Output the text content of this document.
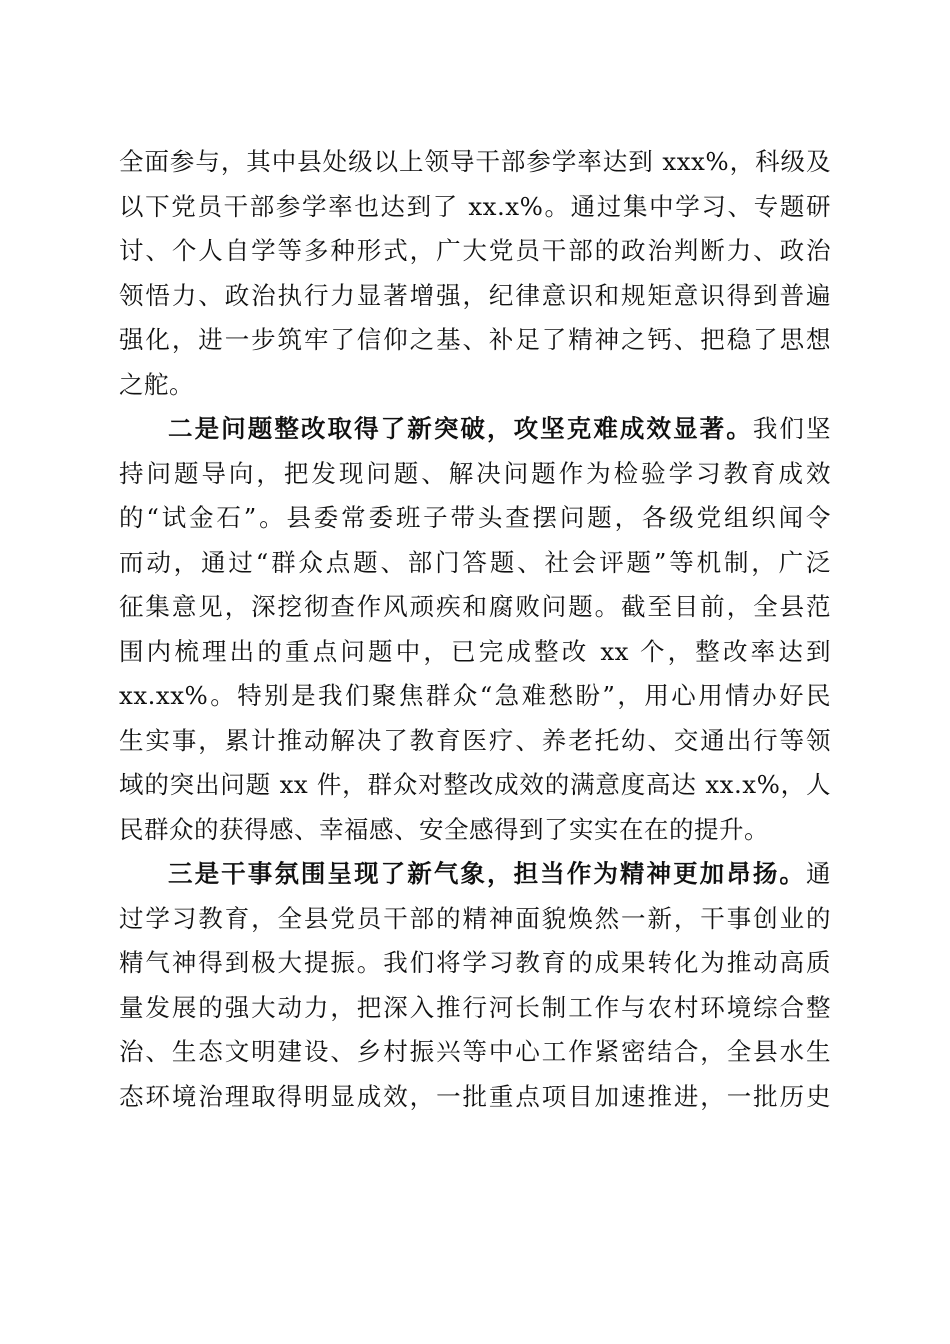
全面参与，其中县处级以上领导干部参学率达到 xxx%，科级及
以下党员干部参学率也达到了 xx.x%。通过集中学习、专题研
讨、个人自学等多种形式，广大党员干部的政治判断力、政治
领悟力、政治执行力显著增强，纪律意识和规矩意识得到普遍
强化，进一步筑牢了信仰之基、补足了精神之钙、把稳了思想
之舵。
二是问题整改取得了新突破，攻坚克难成效显著。我们坚
持问题导向，把发现问题、解决问题作为检验学习教育成效
的“试金石”。县委常委班子带头查摆问题，各级党组织闻令
而动，通过“群众点题、部门答题、社会评题”等机制，广泛
征集意见，深挖彻查作风顽疾和腐败问题。截至目前，全县范
围内梳理出的重点问题中，已完成整改 xx 个，整改率达到
xx.xx%。特别是我们聚焦群众“急难愁盼”，用心用情办好民
生实事，累计推动解决了教育医疗、养老托幼、交通出行等领
域的突出问题 xx 件，群众对整改成效的满意度高达 xx.x%，人
民群众的获得感、幸福感、安全感得到了实实在在的提升。
三是干事氛围呈现了新气象，担当作为精神更加昂扬。通
过学习教育，全县党员干部的精神面貌焕然一新，干事创业的
精气神得到极大提振。我们将学习教育的成果转化为推动高质
量发展的强大动力，把深入推行河长制工作与农村环境综合整
治、生态文明建设、乡村振兴等中心工作紧密结合，全县水生
态环境治理取得明显成效，一批重点项目加速推进，一批历史
